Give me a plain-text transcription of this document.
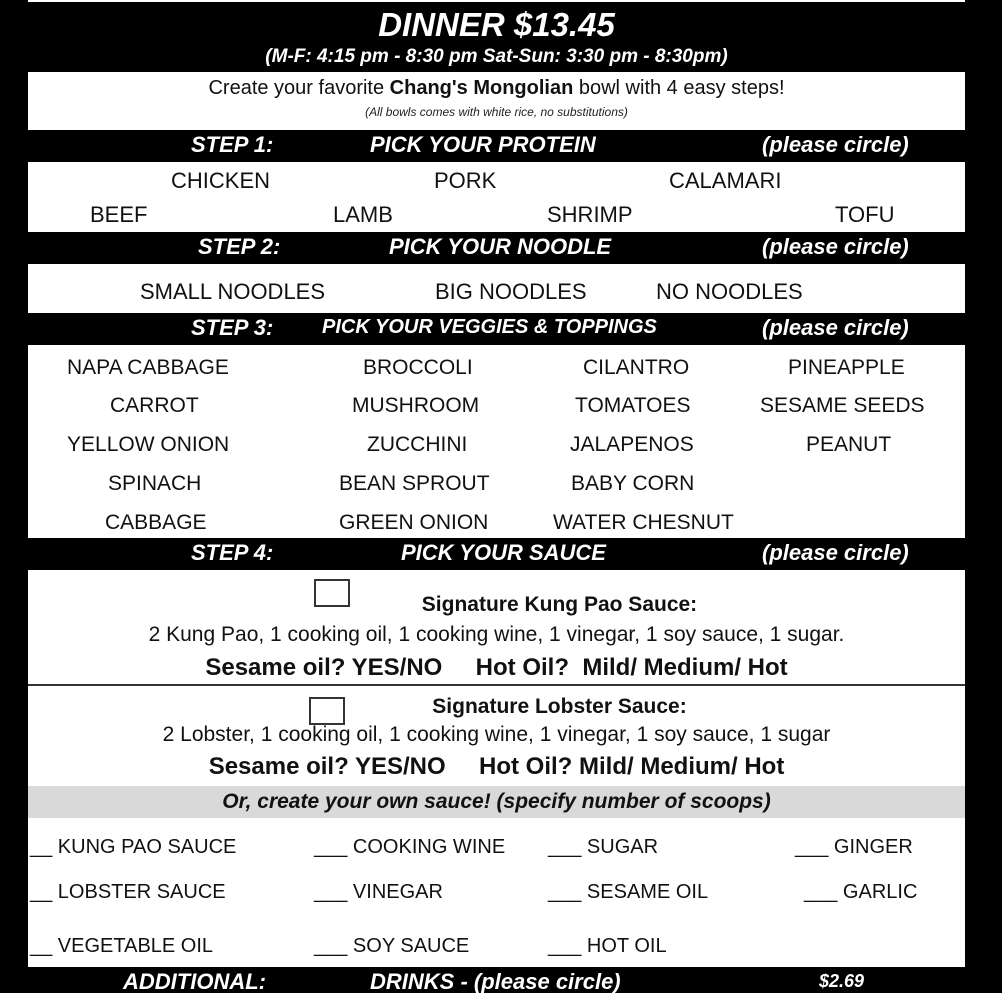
DINNER $13.45
(M-F: 4:15 pm - 8:30 pm Sat-Sun: 3:30 pm - 8:30pm)
Create your favorite Chang's Mongolian bowl with 4 easy steps!
(All bowls comes with white rice, no substitutions)
STEP 1:	PICK YOUR PROTEIN	(please circle)
CHICKEN	PORK	CALAMARI
BEEF	LAMB	SHRIMP	TOFU
STEP 2:	PICK YOUR NOODLE	(please circle)
SMALL NOODLES	BIG NOODLES	NO NOODLES
STEP 3: PICK YOUR VEGGIES & TOPPINGS	(please circle)
NAPA CABBAGE	BROCCOLI	CILANTRO	PINEAPPLE
CARROT	MUSHROOM	TOMATOES	SESAME SEEDS
YELLOW ONION	ZUCCHINI	JALAPENOS	PEANUT
SPINACH	BEAN SPROUT	BABY CORN
CABBAGE	GREEN ONION	WATER CHESNUT
STEP 4:	PICK YOUR SAUCE	(please circle)
Signature Kung Pao Sauce:
2 Kung Pao, 1 cooking oil, 1 cooking wine, 1 vinegar, 1 soy sauce, 1 sugar.
Sesame oil? YES/NO     Hot Oil?  Mild/ Medium/ Hot
Signature Lobster Sauce:
2 Lobster, 1 cooking oil, 1 cooking wine, 1 vinegar, 1 soy sauce, 1 sugar
Sesame oil? YES/NO     Hot Oil? Mild/ Medium/ Hot
Or, create your own sauce! (specify number of scoops)
__ KUNG PAO SAUCE	___ COOKING WINE ___ SUGAR	___ GINGER
__ LOBSTER SAUCE	___ VINEGAR	___ SESAME OIL	___ GARLIC
__ VEGETABLE OIL	___ SOY SAUCE	___ HOT OIL
ADDITIONAL:	DRINKS - (please circle)	$2.69
